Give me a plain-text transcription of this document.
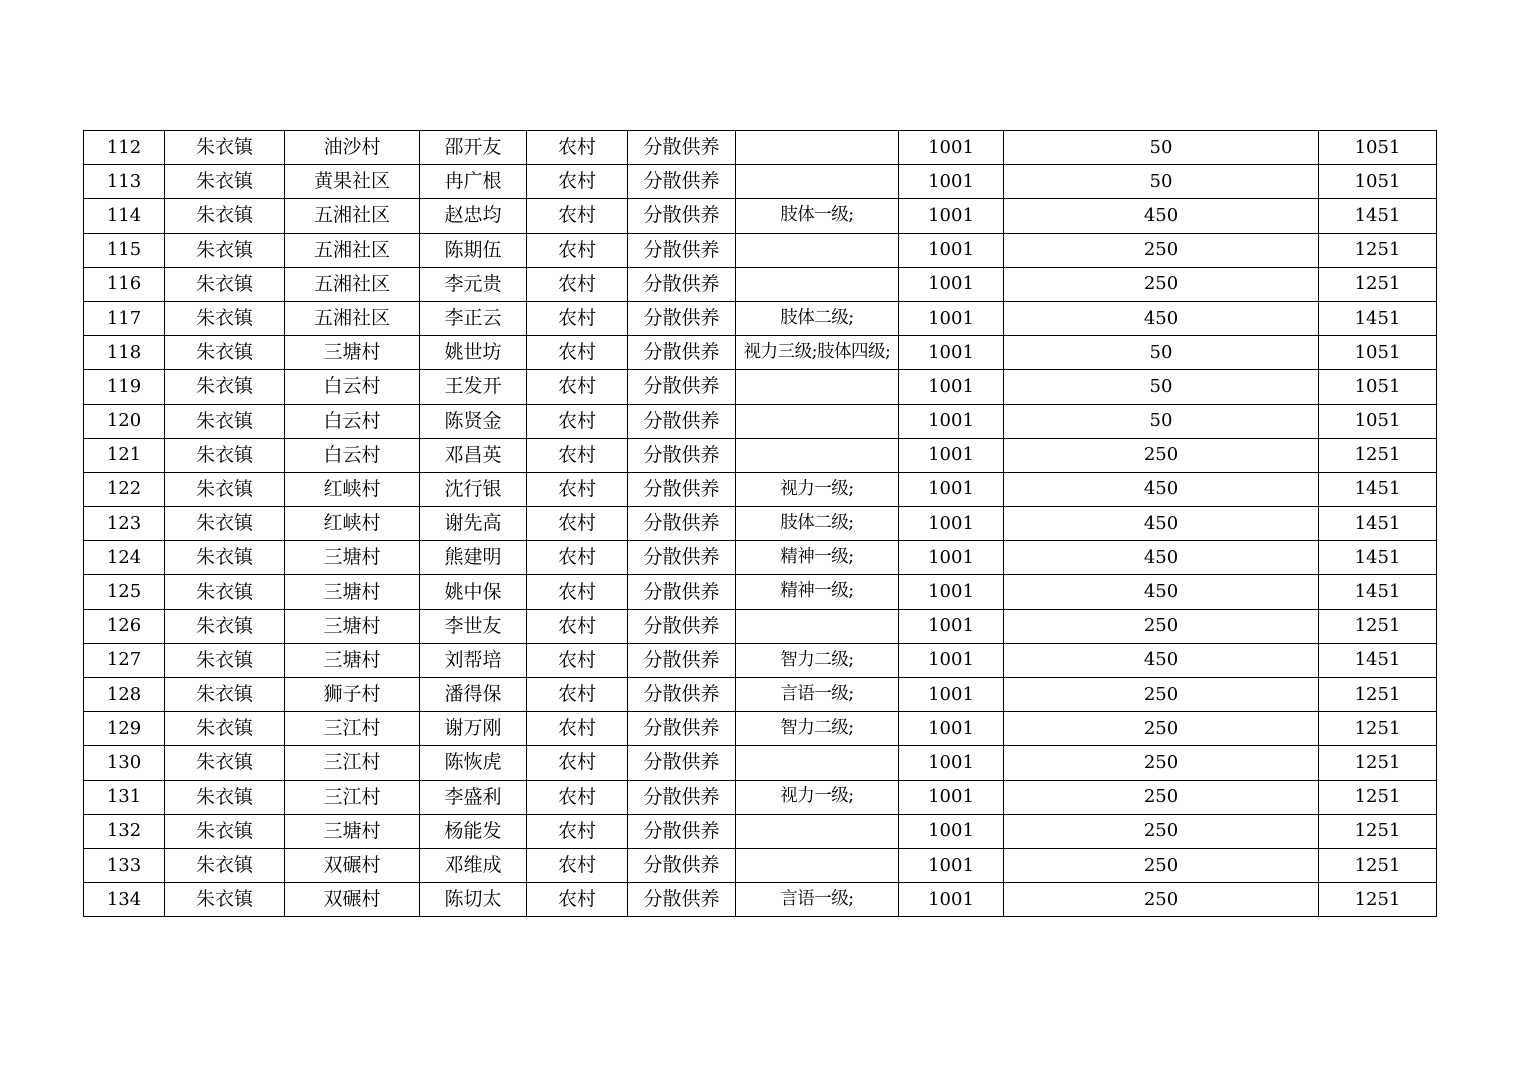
112	朱衣镇	油沙村	邵开友	农村	分散供养		1001	50	1051
113	朱衣镇	黄果社区	冉广根	农村	分散供养		1001	50	1051
114	朱衣镇	五湘社区	赵忠均	农村	分散供养	肢体一级;	1001	450	1451
115	朱衣镇	五湘社区	陈期伍	农村	分散供养		1001	250	1251
116	朱衣镇	五湘社区	李元贵	农村	分散供养		1001	250	1251
117	朱衣镇	五湘社区	李正云	农村	分散供养	肢体二级;	1001	450	1451
118	朱衣镇	三塘村	姚世坊	农村	分散供养	视力三级;肢体四级;	1001	50	1051
119	朱衣镇	白云村	王发开	农村	分散供养		1001	50	1051
120	朱衣镇	白云村	陈贤金	农村	分散供养		1001	50	1051
121	朱衣镇	白云村	邓昌英	农村	分散供养		1001	250	1251
122	朱衣镇	红峡村	沈行银	农村	分散供养	视力一级;	1001	450	1451
123	朱衣镇	红峡村	谢先高	农村	分散供养	肢体二级;	1001	450	1451
124	朱衣镇	三塘村	熊建明	农村	分散供养	精神一级;	1001	450	1451
125	朱衣镇	三塘村	姚中保	农村	分散供养	精神一级;	1001	450	1451
126	朱衣镇	三塘村	李世友	农村	分散供养		1001	250	1251
127	朱衣镇	三塘村	刘帮培	农村	分散供养	智力二级;	1001	450	1451
128	朱衣镇	狮子村	潘得保	农村	分散供养	言语一级;	1001	250	1251
129	朱衣镇	三江村	谢万刚	农村	分散供养	智力二级;	1001	250	1251
130	朱衣镇	三江村	陈恢虎	农村	分散供养		1001	250	1251
131	朱衣镇	三江村	李盛利	农村	分散供养	视力一级;	1001	250	1251
132	朱衣镇	三塘村	杨能发	农村	分散供养		1001	250	1251
133	朱衣镇	双碾村	邓维成	农村	分散供养		1001	250	1251
134	朱衣镇	双碾村	陈切太	农村	分散供养	言语一级;	1001	250	1251
